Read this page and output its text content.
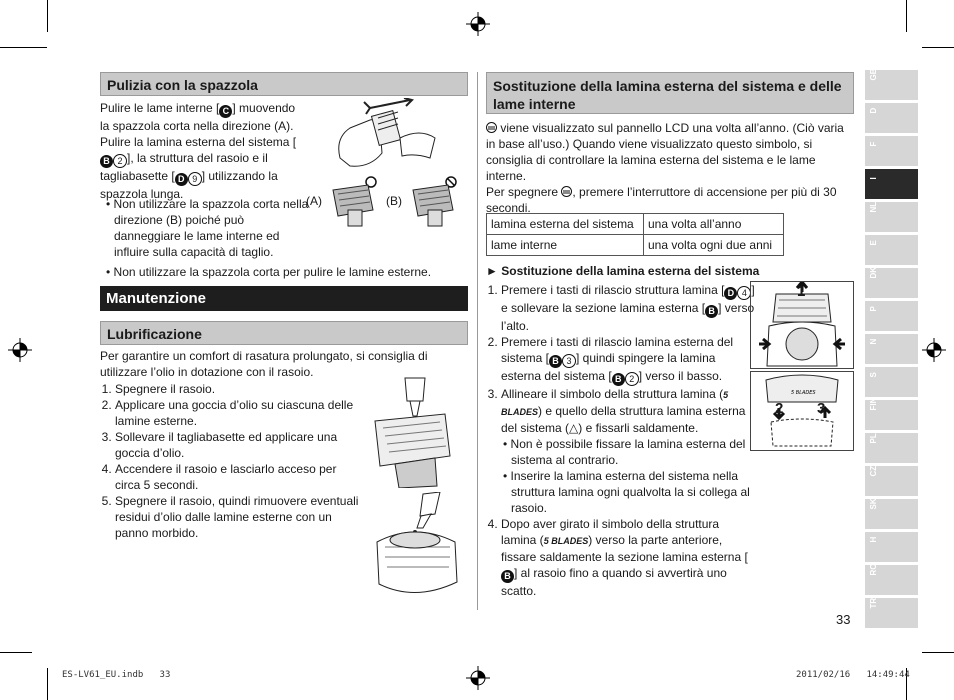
Pulizia con la spazzola
Pulire le lame interne [ C ] muovendo la spazzola corta nella direzione (A). Pulire la lamina esterna del sistema [B 2 ], la struttura del rasoio e il tagliabasette [ D 9 ] utilizzando la spazzola lunga.
• Non utilizzare la spazzola corta nella direzione (B) poiché può danneggiare le lame interne ed influire sulla capacità di taglio.
(A)	(B)
• Non utilizzare la spazzola corta per pulire le lamine esterne.
Manutenzione
Lubrificazione
Per garantire un comfort di rasatura prolungato, si consiglia di utilizzare l’olio in dotazione con il rasoio.
1. Spegnere il rasoio.
2. Applicare una goccia d’olio su ciascuna delle lamine esterne.
3. Sollevare il tagliabasette ed applicare una goccia d’olio.
4. Accendere il rasoio e lasciarlo acceso per circa 5 secondi.
5. Spegnere il rasoio, quindi rimuovere eventuali residui d’olio dalle lamine esterne con un panno morbido.
Sostituzione della lamina esterna del sistema e delle lame interne
viene visualizzato sul pannello LCD una volta all’anno. (Ciò varia in base all’uso.) Quando viene visualizzato questo simbolo, si consiglia di controllare la lamina esterna del sistema e le lame interne.
Per spegnere , premere l’interruttore di accensione per più di 30 secondi.
lamina esterna del sistema	una volta all’anno
lame interne	una volta ogni due anni
► Sostituzione della lamina esterna del sistema
1. Premere i tasti di rilascio struttura lamina [ D 4 ] e sollevare la sezione lamina esterna [ B ] verso l’alto.
2. Premere i tasti di rilascio lamina esterna del sistema [ B 3 ] quindi spingere la lamina esterna del sistema [ B 2 ] verso il basso.
3. Allineare il simbolo della struttura lamina (5 BLADES) e quello della struttura lamina esterna del sistema (△) e fissarli saldamente.
• Non è possibile fissare la lamina esterna del sistema al contrario.
• Inserire la lamina esterna del sistema nella struttura lamina ogni qualvolta la si collega al rasoio.
4. Dopo aver girato il simbolo della struttura lamina (5 BLADES) verso la parte anteriore, fissare saldamente la sezione lamina esterna [B ] al rasoio fino a quando si avvertirà uno scatto.
1
5 BLADES
2 3
GB
D
F
I
NL
E
DK
P
N
S
FIN
PL
CZ
SK
H
RO
TR
33
ES-LV61_EU.indb   33	2011/02/16   14:49:44
